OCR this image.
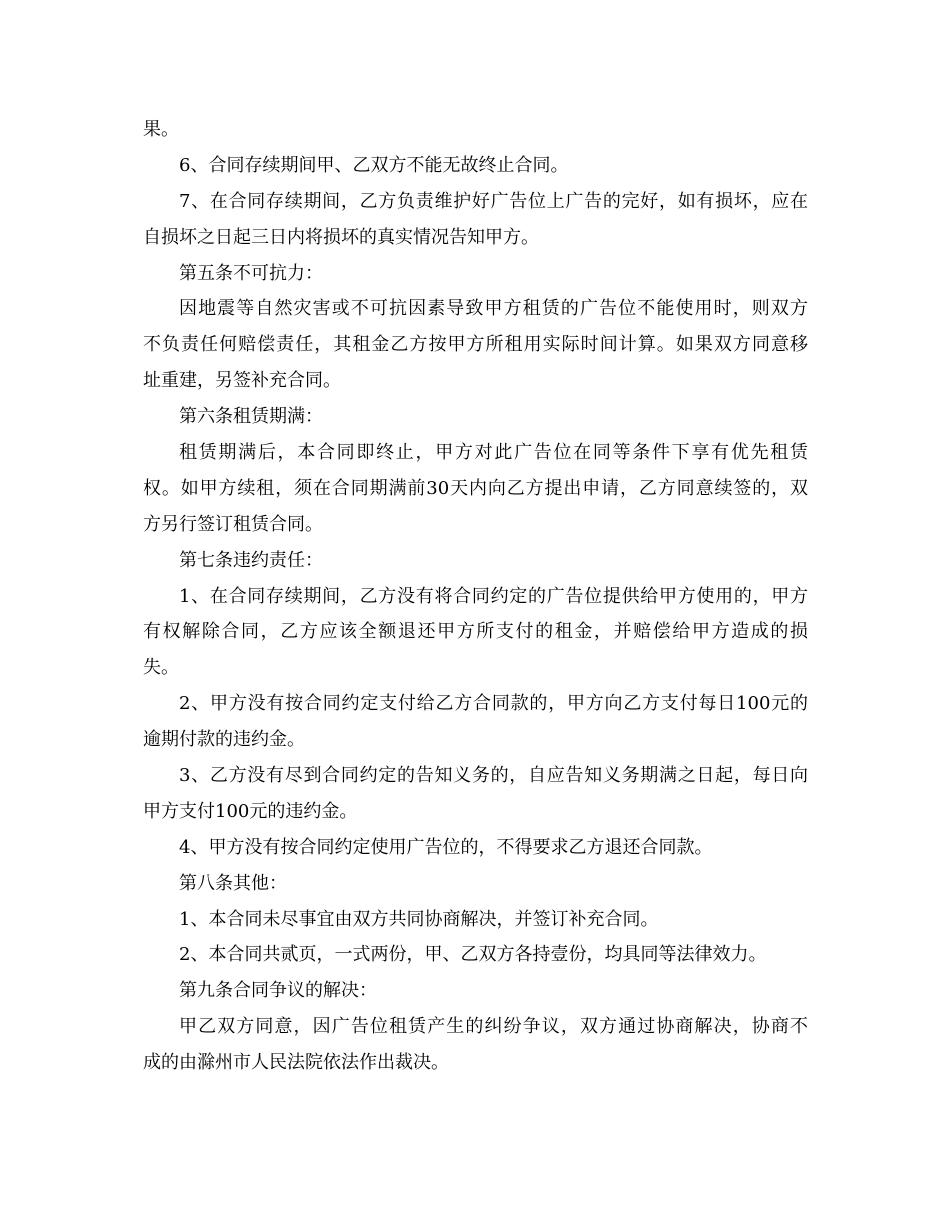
果。
6、合同存续期间甲、乙双方不能无故终止合同。
7、在合同存续期间，乙方负责维护好广告位上广告的完好，如有损坏，应在
自损坏之日起三日内将损坏的真实情况告知甲方。
第五条不可抗力：
因地震等自然灾害或不可抗因素导致甲方租赁的广告位不能使用时，则双方
不负责任何赔偿责任，其租金乙方按甲方所租用实际时间计算。如果双方同意移
址重建，另签补充合同。
第六条租赁期满：
租赁期满后，本合同即终止，甲方对此广告位在同等条件下享有优先租赁
权。如甲方续租，须在合同期满前30天内向乙方提出申请，乙方同意续签的，双
方另行签订租赁合同。
第七条违约责任：
1、在合同存续期间，乙方没有将合同约定的广告位提供给甲方使用的，甲方
有权解除合同，乙方应该全额退还甲方所支付的租金，并赔偿给甲方造成的损
失。
2、甲方没有按合同约定支付给乙方合同款的，甲方向乙方支付每日100元的
逾期付款的违约金。
3、乙方没有尽到合同约定的告知义务的，自应告知义务期满之日起，每日向
甲方支付100元的违约金。
4、甲方没有按合同约定使用广告位的，不得要求乙方退还合同款。
第八条其他：
1、本合同未尽事宜由双方共同协商解决，并签订补充合同。
2、本合同共贰页，一式两份，甲、乙双方各持壹份，均具同等法律效力。
第九条合同争议的解决：
甲乙双方同意，因广告位租赁产生的纠纷争议，双方通过协商解决，协商不
成的由滁州市人民法院依法作出裁决。
